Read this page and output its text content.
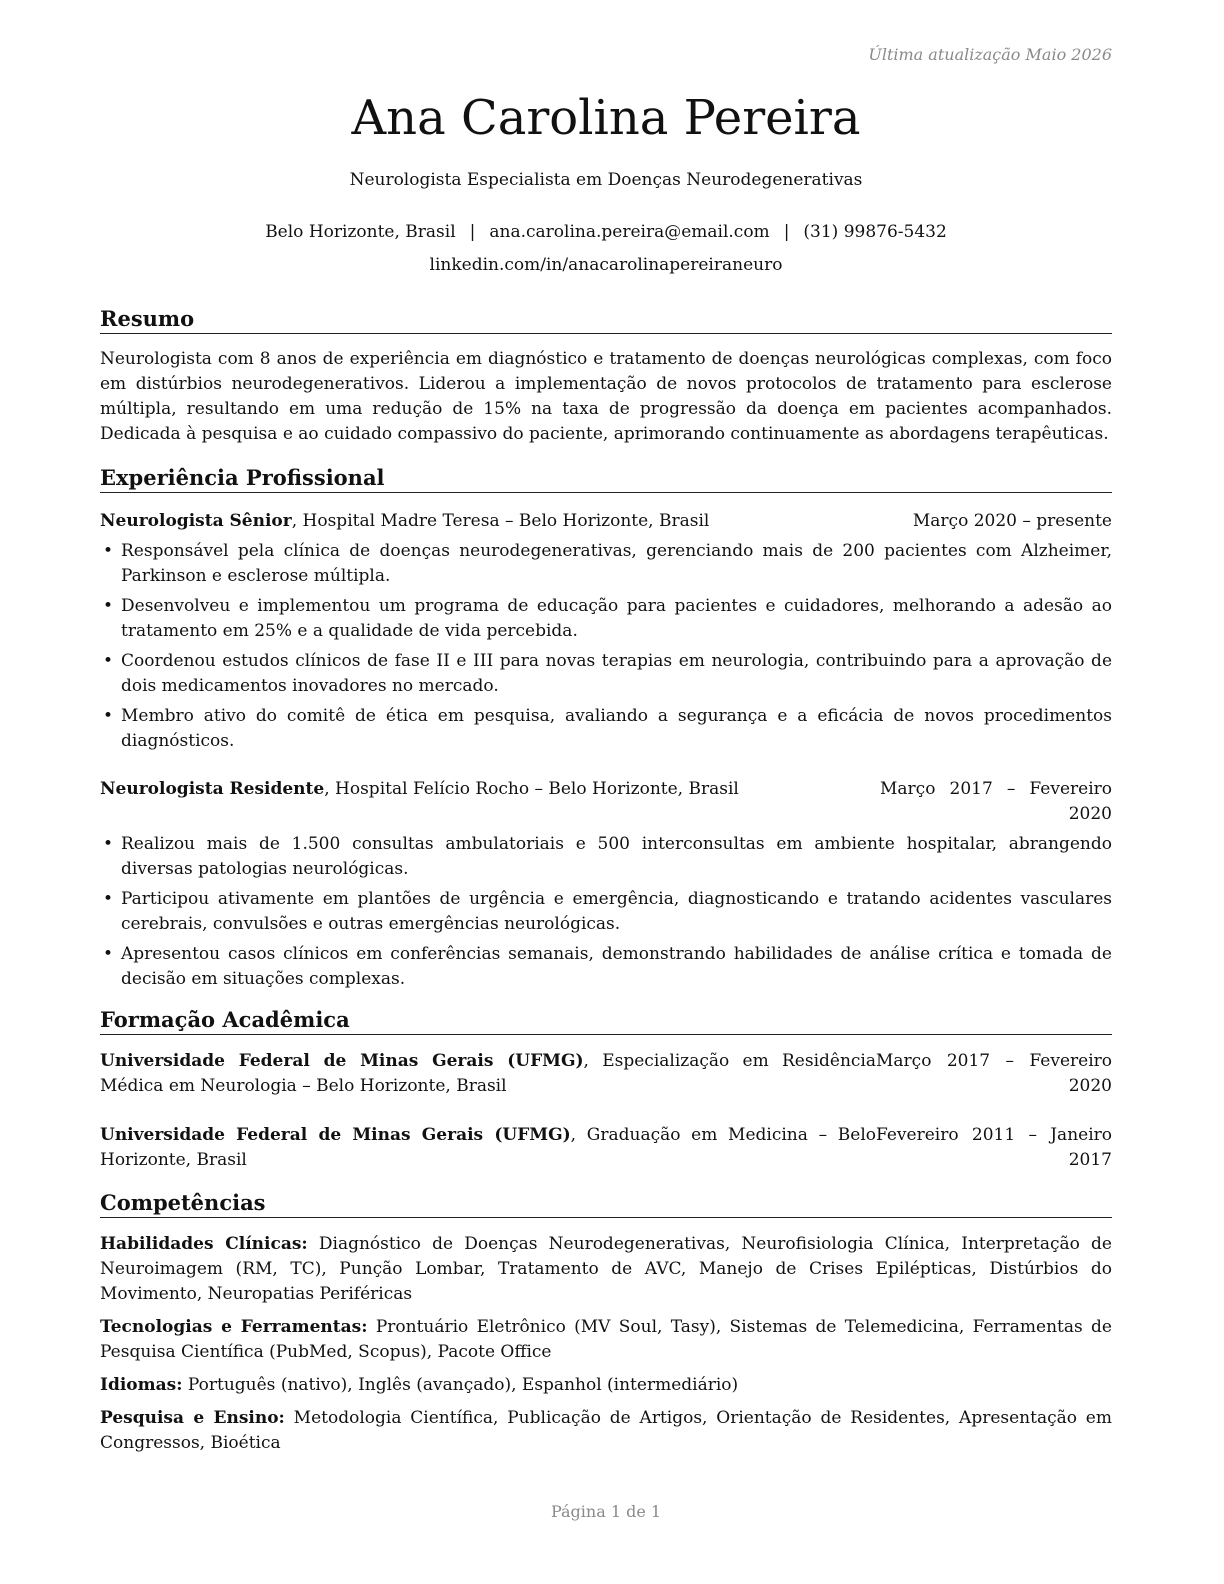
Última atualização Maio 2026
Ana Carolina Pereira
Neurologista Especialista em Doenças Neurodegenerativas
Belo Horizonte, Brasil | ana.carolina.pereira@email.com | (31) 99876-5432
linkedin.com/in/anacarolinapereiraneuro
Resumo

Neurologista com 8 anos de experiência em diagnóstico e tratamento de doenças neurológicas complexas, com foco em distúrbios neurodegenerativos. Liderou a implementação de novos protocolos de tratamento para esclerose múltipla, resultando em uma redução de 15% na taxa de progressão da doença em pacientes acompanhados. Dedicada à pesquisa e ao cuidado compassivo do paciente, aprimorando continuamente as abordagens terapêuticas.

Experiência Profissional
Neurologista Sênior, Hospital Madre Teresa – Belo Horizonte, Brasil	Março 2020 – presente
• Responsável pela clínica de doenças neurodegenerativas, gerenciando mais de 200 pacientes com Alzheimer, Parkinson e esclerose múltipla.
• Desenvolveu e implementou um programa de educação para pacientes e cuidadores, melhorando a adesão ao tratamento em 25% e a qualidade de vida percebida.
• Coordenou estudos clínicos de fase II e III para novas terapias em neurologia, contribuindo para a aprovação de dois medicamentos inovadores no mercado.
• Membro ativo do comitê de ética em pesquisa, avaliando a segurança e a eficácia de novos procedimentos diagnósticos.
Neurologista Residente, Hospital Felício Rocho – Belo Horizonte, Brasil	Março 2017 – Fevereiro 2020
• Realizou mais de 1.500 consultas ambulatoriais e 500 interconsultas em ambiente hospitalar, abrangendo diversas patologias neurológicas.
• Participou ativamente em plantões de urgência e emergência, diagnosticando e tratando acidentes vasculares cerebrais, convulsões e outras emergências neurológicas.
• Apresentou casos clínicos em conferências semanais, demonstrando habilidades de análise crítica e tomada de decisão em situações complexas.
Formação Acadêmica
Universidade Federal de Minas Gerais (UFMG), Especialização em Residência Médica em Neurologia – Belo Horizonte, Brasil
Março 2017 – Fevereiro 2020
Universidade Federal de Minas Gerais (UFMG), Graduação em Medicina – Belo Horizonte, Brasil
Fevereiro 2011 – Janeiro 2017
Competências

Habilidades Clínicas: Diagnóstico de Doenças Neurodegenerativas, Neurofisiologia Clínica, Interpretação de Neuroimagem (RM, TC), Punção Lombar, Tratamento de AVC, Manejo de Crises Epilépticas, Distúrbios do Movimento, Neuropatias Periféricas

Tecnologias e Ferramentas: Prontuário Eletrônico (MV Soul, Tasy), Sistemas de Telemedicina, Ferramentas de Pesquisa Científica (PubMed, Scopus), Pacote Office

Idiomas: Português (nativo), Inglês (avançado), Espanhol (intermediário)

Pesquisa e Ensino: Metodologia Científica, Publicação de Artigos, Orientação de Residentes, Apresentação em Congressos, Bioética

Página 1 de 1
